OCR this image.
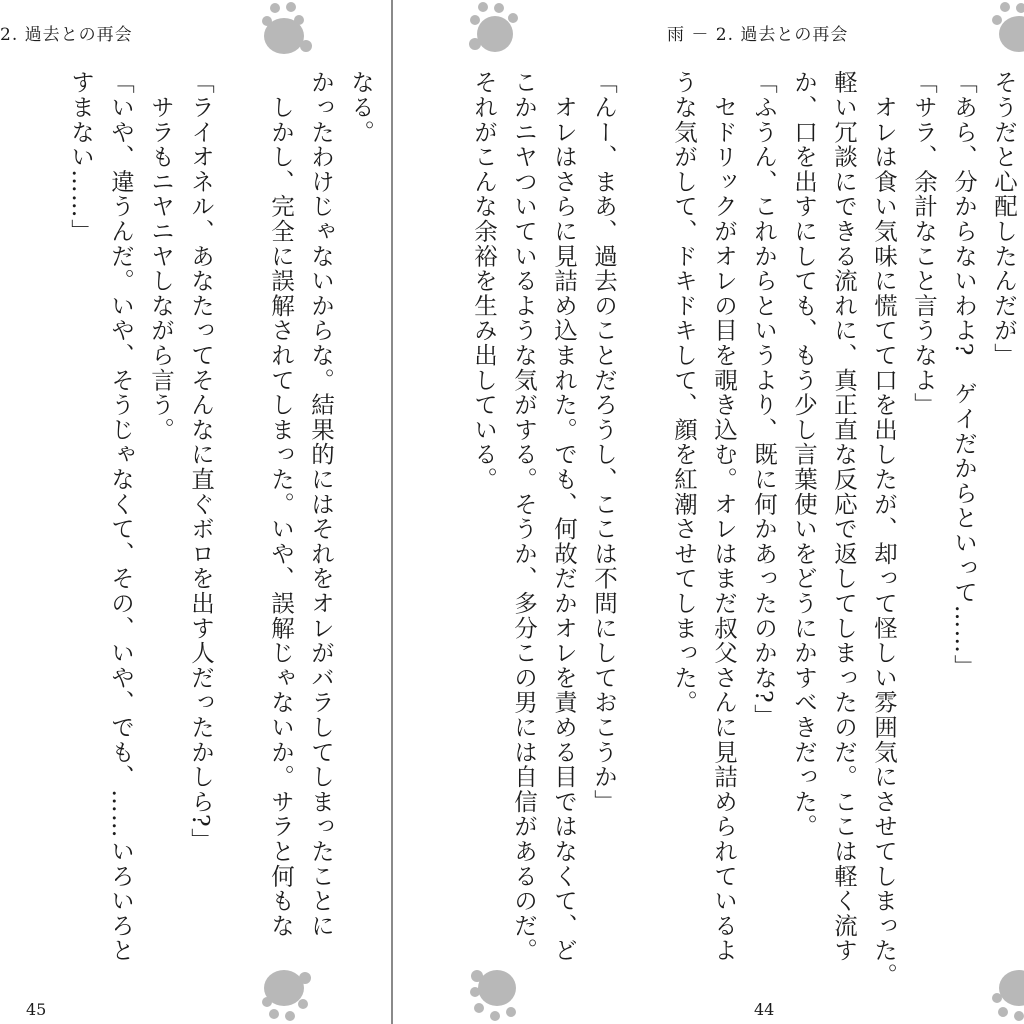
2. 過去との再会

なる。

かったわけじゃないからな。結果的にはそれをオレがバラしてしまったことに

　しかし、完全に誤解されてしまった。いや、誤解じゃないか。サラと何もな

「ライオネル、あなたってそんなに直ぐボロを出す人だったかしら?」

　サラもニヤニヤしながら言う。

「いや、違うんだ。いや、そうじゃなくて、その、いや、でも、……いろいろと

すまない……」

45
雨 － 2. 過去との再会

そうだと心配したんだが」

「あら、分からないわよ?　ゲイだからといって……」

「サラ、余計なこと言うなよ」

　オレは食い気味に慌てて口を出したが、却って怪しい雰囲気にさせてしまった。

軽い冗談にできる流れに、真正直な反応で返してしまったのだ。ここは軽く流す

か、口を出すにしても、もう少し言葉使いをどうにかすべきだった。

「ふうん、これからというより、既に何かあったのかな?」

　セドリックがオレの目を覗き込む。オレはまだ叔父さんに見詰められているよ

うな気がして、ドキドキして、顔を紅潮させてしまった。

「んー、まあ、過去のことだろうし、ここは不問にしておこうか」

　オレはさらに見詰め込まれた。でも、何故だかオレを責める目ではなくて、ど

こかニヤついているような気がする。そうか、多分この男には自信があるのだ。

それがこんな余裕を生み出している。

44
